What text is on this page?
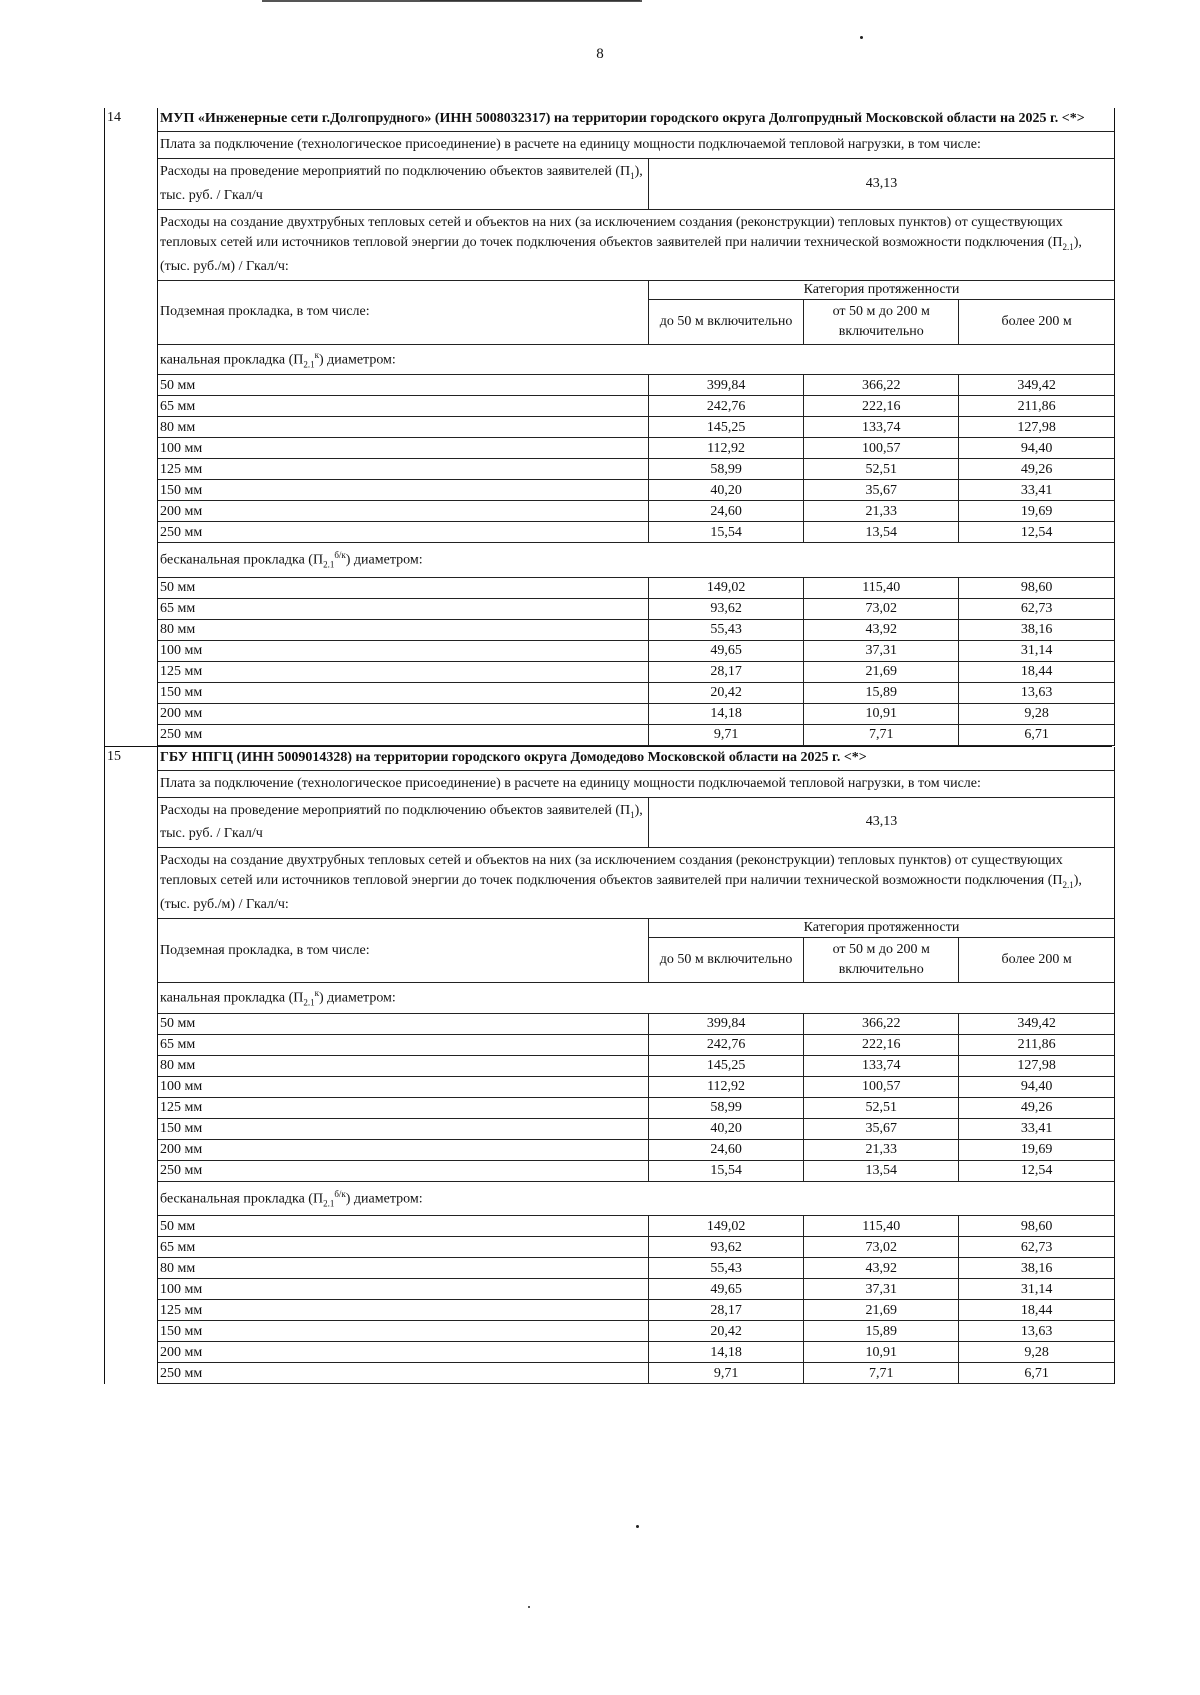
8
14	МУП «Инженерные сети г.Долгопрудного» (ИНН 5008032317) на территории городского округа Долгопрудный Московской области на 2025 г. <*>			
Плата за подключение (технологическое присоединение) в расчете на единицу мощности подключаемой тепловой нагрузки, в том числе:			
Расходы на проведение мероприятий по подключению объектов заявителей $(П_1)$, тыс. руб. / Гкал/ч	43,13		
Расходы на создание двухтрубных тепловых сетей и объектов на них (за исключением создания (реконструкции) тепловых пунктов) от существующих тепловых сетей или источников тепловой энергии до точек подключения объектов заявителей при наличии технической возможности подключения $(П_{2.1})$, (тыс. руб./м) / Гкал/ч:			
Подземная прокладка, в том числе:	Категория протяженности		
	до 50 м включительно	от 50 м до 200 м включительно	более 200 м
канальная прокладка $(П_{2.1}^к)$ диаметром:			
50 мм	399,84	366,22	349,42
65 мм	242,76	222,16	211,86
80 мм	145,25	133,74	127,98
100 мм	112,92	100,57	94,40
125 мм	58,99	52,51	49,26
150 мм	40,20	35,67	33,41
200 мм	24,60	21,33	19,69
250 мм	15,54	13,54	12,54
бесканальная прокладка $(П_{2.1}^{б/к})$ диаметром:			
50 мм	149,02	115,40	98,60
65 мм	93,62	73,02	62,73
80 мм	55,43	43,92	38,16
100 мм	49,65	37,31	31,14
125 мм	28,17	21,69	18,44
150 мм	20,42	15,89	13,63
200 мм	14,18	10,91	9,28
250 мм	9,71	7,71	6,71
15	ГБУ НПГЦ (ИНН 5009014328) на территории городского округа Домодедово Московской области на 2025 г. <*>			
Плата за подключение (технологическое присоединение) в расчете на единицу мощности подключаемой тепловой нагрузки, в том числе:			
Расходы на проведение мероприятий по подключению объектов заявителей $(П_1)$, тыс. руб. / Гкал/ч	43,13		
Расходы на создание двухтрубных тепловых сетей и объектов на них (за исключением создания (реконструкции) тепловых пунктов) от существующих тепловых сетей или источников тепловой энергии до точек подключения объектов заявителей при наличии технической возможности подключения $(П_{2.1})$, (тыс. руб./м) / Гкал/ч:			
Подземная прокладка, в том числе:	Категория протяженности		
	до 50 м включительно	от 50 м до 200 м включительно	более 200 м
канальная прокладка $(П_{2.1}^к)$ диаметром:			
50 мм	399,84	366,22	349,42
65 мм	242,76	222,16	211,86
80 мм	145,25	133,74	127,98
100 мм	112,92	100,57	94,40
125 мм	58,99	52,51	49,26
150 мм	40,20	35,67	33,41
200 мм	24,60	21,33	19,69
250 мм	15,54	13,54	12,54
бесканальная прокладка $(П_{2.1}^{б/к})$ диаметром:			
50 мм	149,02	115,40	98,60
65 мм	93,62	73,02	62,73
80 мм	55,43	43,92	38,16
100 мм	49,65	37,31	31,14
125 мм	28,17	21,69	18,44
150 мм	20,42	15,89	13,63
200 мм	14,18	10,91	9,28
250 мм	9,71	7,71	6,71
